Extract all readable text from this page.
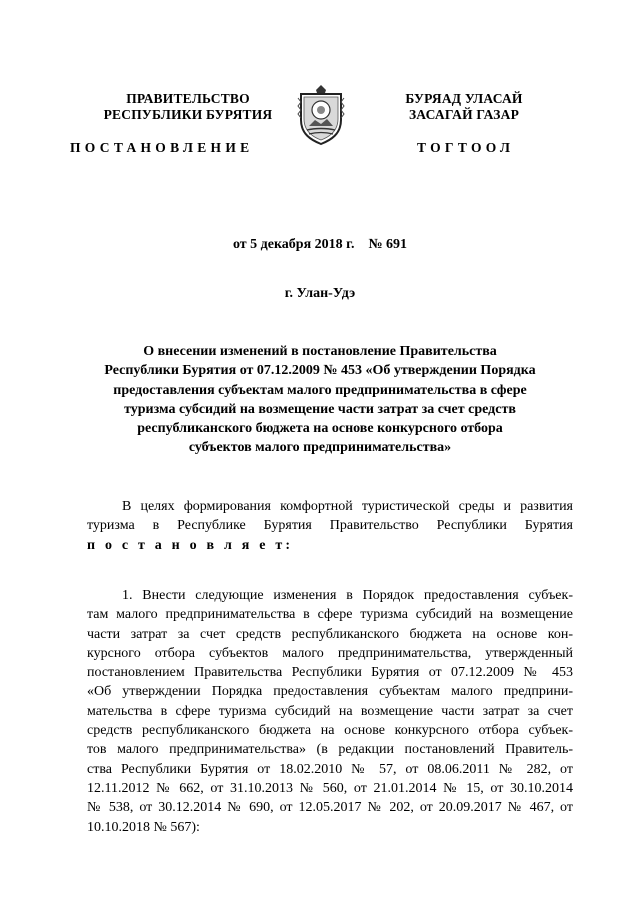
ПРАВИТЕЛЬСТВО
РЕСПУБЛИКИ БУРЯТИЯ
БУРЯАД УЛАСАЙ
ЗАСАГАЙ ГАЗАР
ПОСТАНОВЛЕНИЕ	ТОГТООЛ
от 5 декабря 2018 г.    № 691
г. Улан-Удэ
О внесении изменений в постановление Правительства
Республики Бурятия от 07.12.2009 № 453 «Об утверждении Порядка
предоставления субъектам малого предпринимательства в сфере
туризма субсидий на возмещение части затрат за счет средств
республиканского бюджета на основе конкурсного отбора
субъектов малого предпринимательства»
В целях формирования комфортной туристической среды и развития
туризма в Республике Бурятия Правительство Республики Бурятия
п о с т а н о в л я е т:
1. Внести следующие изменения в Порядок предоставления субъек-
там малого предпринимательства в сфере туризма субсидий на возмещение
части затрат за счет средств республиканского бюджета на основе кон-
курсного отбора субъектов малого предпринимательства, утвержденный
постановлением Правительства Республики Бурятия от 07.12.2009 № 453
«Об утверждении Порядка предоставления субъектам малого предприни-
мательства в сфере туризма субсидий на возмещение части затрат за счет
средств республиканского бюджета на основе конкурсного отбора субъек-
тов малого предпринимательства» (в редакции постановлений Правитель-
ства Республики Бурятия от 18.02.2010 № 57, от 08.06.2011 № 282, от
12.11.2012 № 662, от 31.10.2013 № 560, от 21.01.2014 № 15, от 30.10.2014
№ 538, от 30.12.2014 № 690, от 12.05.2017 № 202, от 20.09.2017 № 467, от
10.10.2018 № 567):
